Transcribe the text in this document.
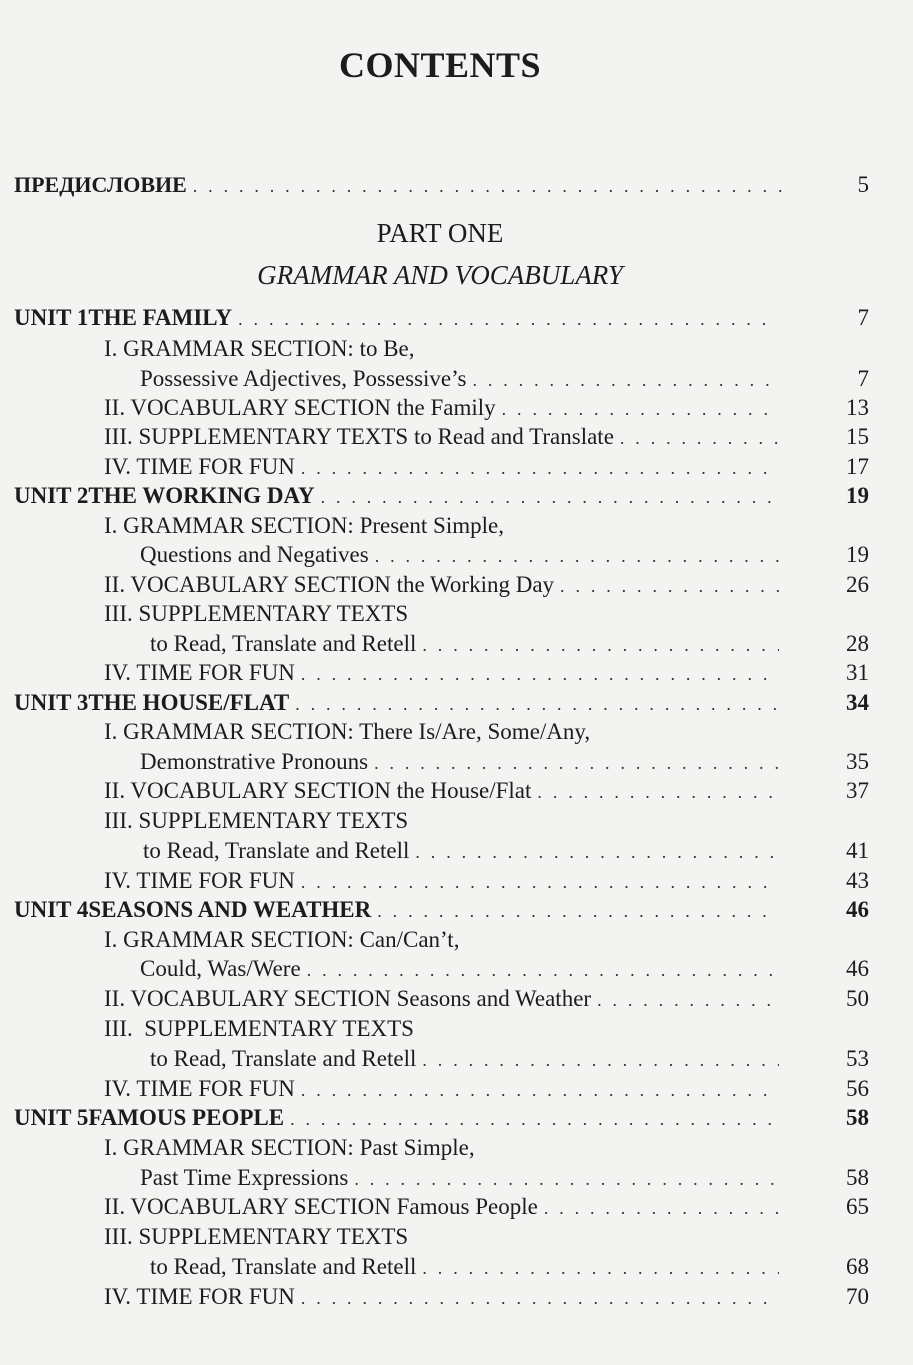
CONTENTS
ПРЕДИСЛОВИЕ . . .	5
PART ONE
GRAMMAR AND VOCABULARY
UNIT 1 THE FAMILY . . .	7
I. GRAMMAR SECTION: to Be,
Possessive Adjectives, Possessive’s . . .	7
II. VOCABULARY SECTION the Family . . .	13
III. SUPPLEMENTARY TEXTS to Read and Translate . . .	15
IV. TIME FOR FUN . . .	17
UNIT 2 THE WORKING DAY . . .	19
I. GRAMMAR SECTION: Present Simple,
Questions and Negatives . . .	19
II. VOCABULARY SECTION the Working Day . . .	26
III. SUPPLEMENTARY TEXTS
to Read, Translate and Retell . . .	28
IV. TIME FOR FUN . . .	31
UNIT 3 THE HOUSE/FLAT . . .	34
I. GRAMMAR SECTION: There Is/Are, Some/Any,
Demonstrative Pronouns . . .	35
II. VOCABULARY SECTION the House/Flat . . .	37
III. SUPPLEMENTARY TEXTS
to Read, Translate and Retell . . .	41
IV. TIME FOR FUN . . .	43
UNIT 4 SEASONS AND WEATHER . . .	46
I. GRAMMAR SECTION: Can/Can’t,
Could, Was/Were . . .	46
II. VOCABULARY SECTION Seasons and Weather . . .	50
III.  SUPPLEMENTARY TEXTS
to Read, Translate and Retell . . .	53
IV. TIME FOR FUN . . .	56
UNIT 5 FAMOUS PEOPLE . . .	58
I. GRAMMAR SECTION: Past Simple,
Past Time Expressions . . .	58
II. VOCABULARY SECTION Famous People . . .	65
III. SUPPLEMENTARY TEXTS
to Read, Translate and Retell . . .	68
IV. TIME FOR FUN . . .	70
